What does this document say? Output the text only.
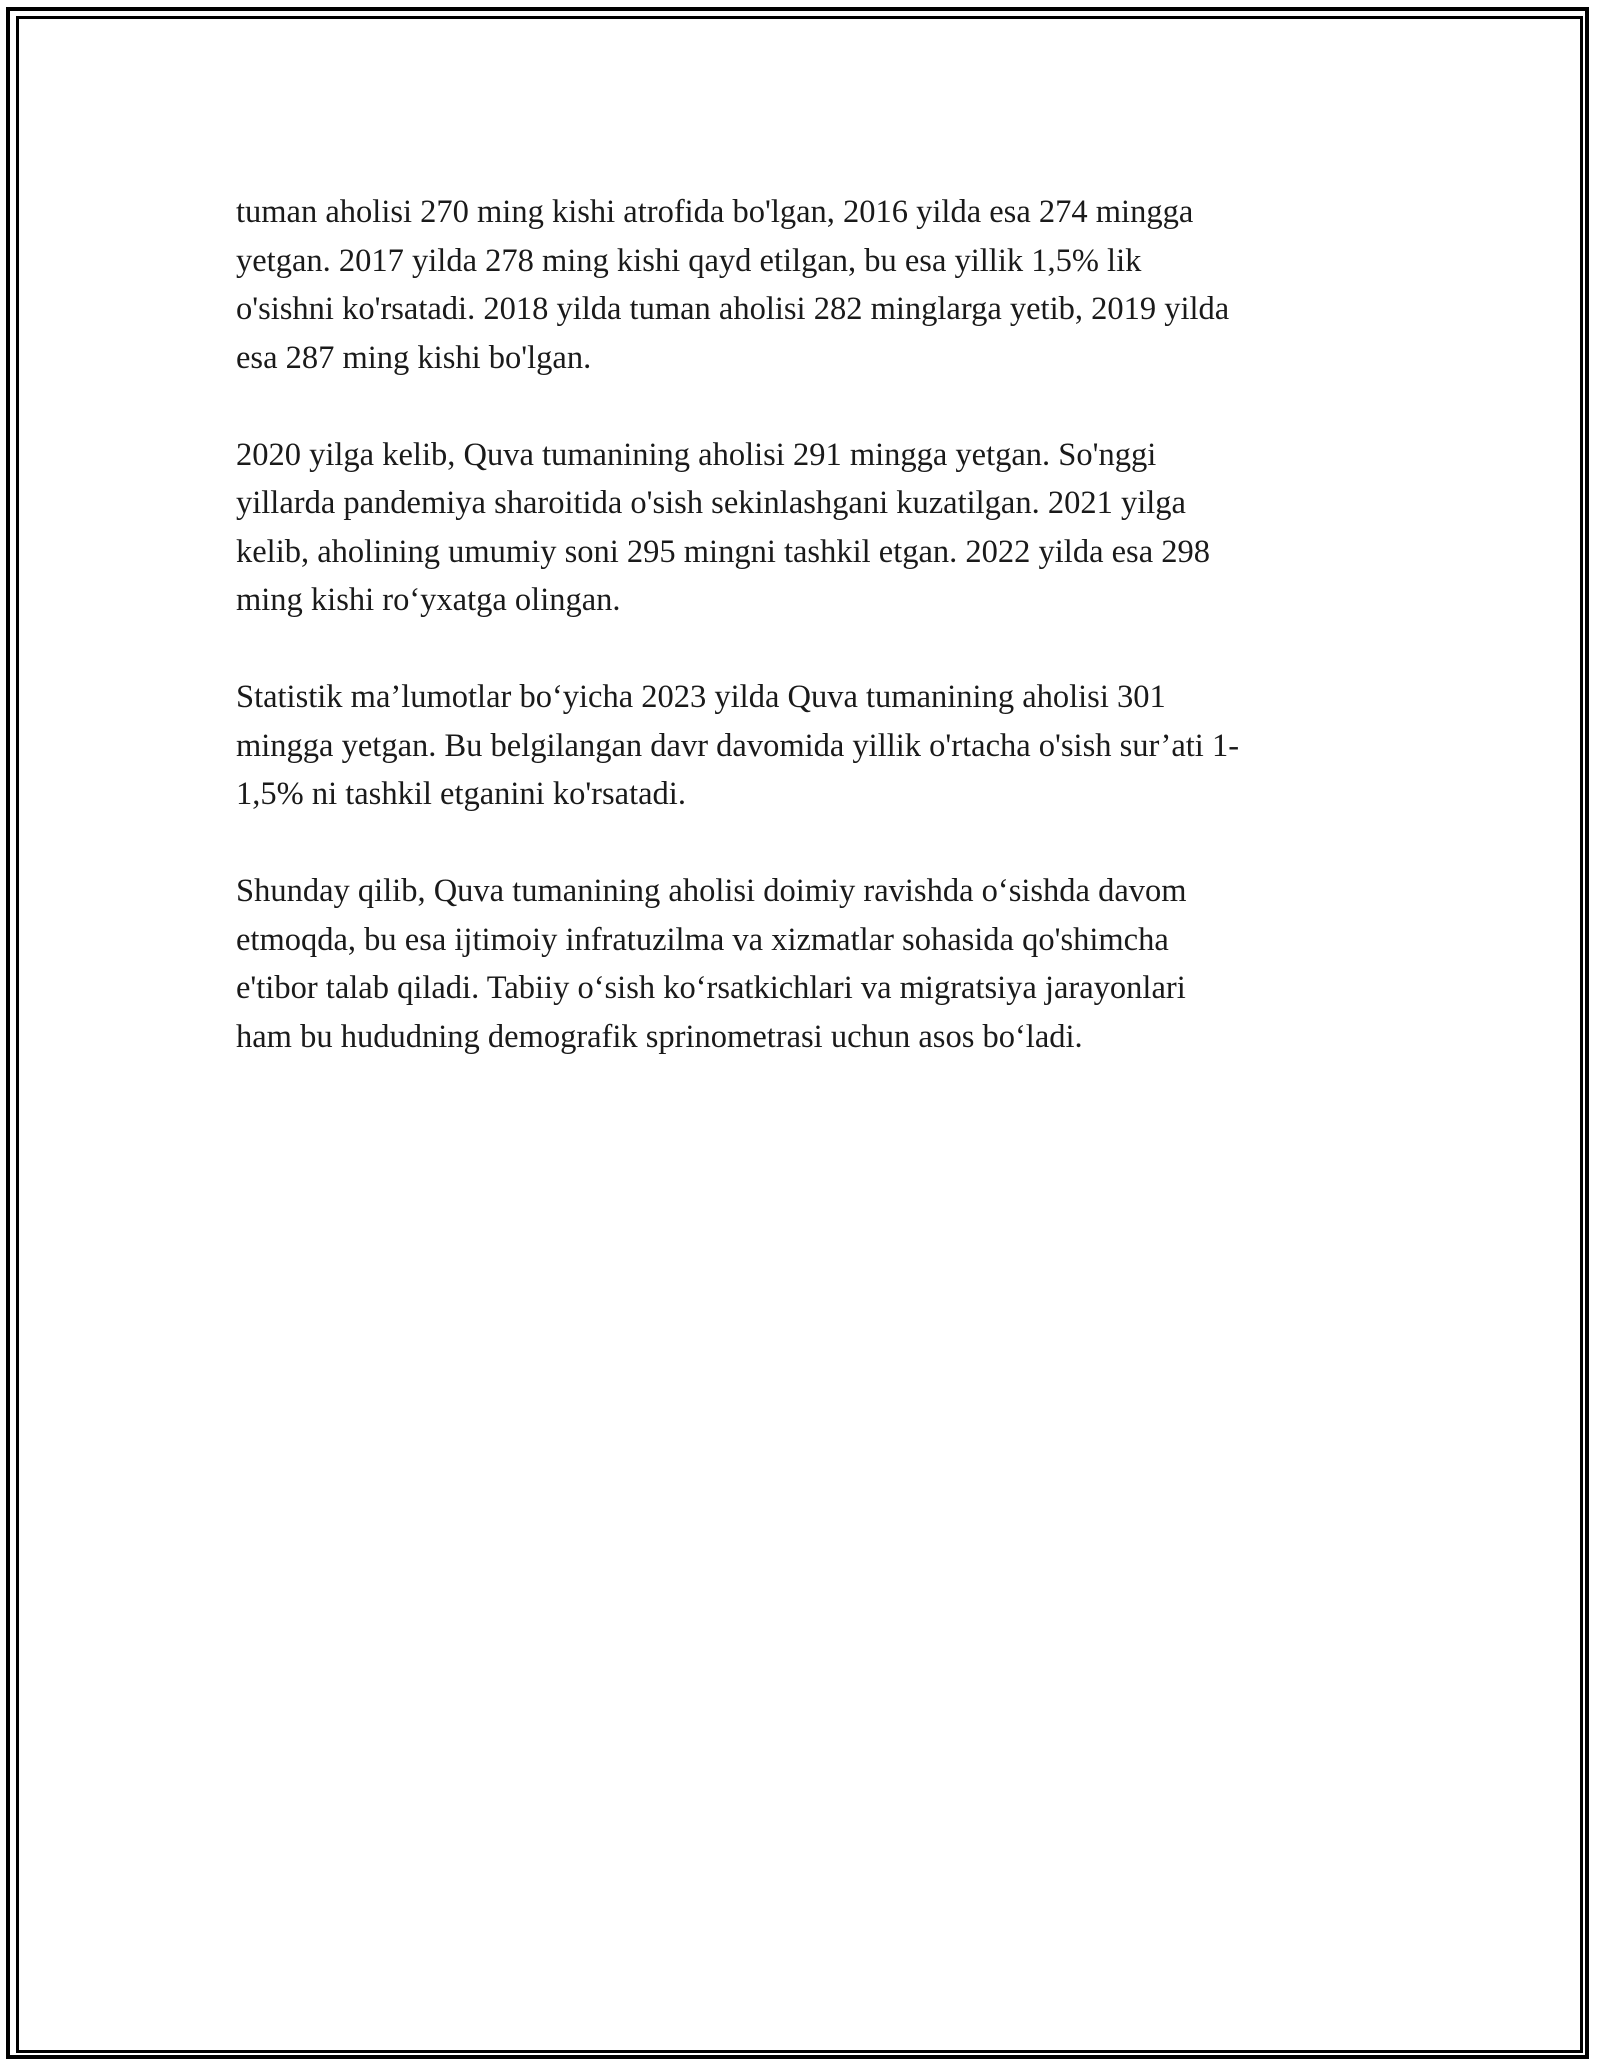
tuman aholisi 270 ming kishi atrofida bo'lgan, 2016 yilda esa 274 mingga
yetgan. 2017 yilda 278 ming kishi qayd etilgan, bu esa yillik 1,5% lik
o'sishni ko'rsatadi. 2018 yilda tuman aholisi 282 minglarga yetib, 2019 yilda
esa 287 ming kishi bo'lgan.

2020 yilga kelib, Quva tumanining aholisi 291 mingga yetgan. So'nggi
yillarda pandemiya sharoitida o'sish sekinlashgani kuzatilgan. 2021 yilga
kelib, aholining umumiy soni 295 mingni tashkil etgan. 2022 yilda esa 298
ming kishi ro‘yxatga olingan.

Statistik ma’lumotlar bo‘yicha 2023 yilda Quva tumanining aholisi 301
mingga yetgan. Bu belgilangan davr davomida yillik o'rtacha o'sish sur’ati 1-
1,5% ni tashkil etganini ko'rsatadi.

Shunday qilib, Quva tumanining aholisi doimiy ravishda o‘sishda davom
etmoqda, bu esa ijtimoiy infratuzilma va xizmatlar sohasida qo'shimcha
e'tibor talab qiladi. Tabiiy o‘sish ko‘rsatkichlari va migratsiya jarayonlari
ham bu hududning demografik sprinometrasi uchun asos bo‘ladi.
